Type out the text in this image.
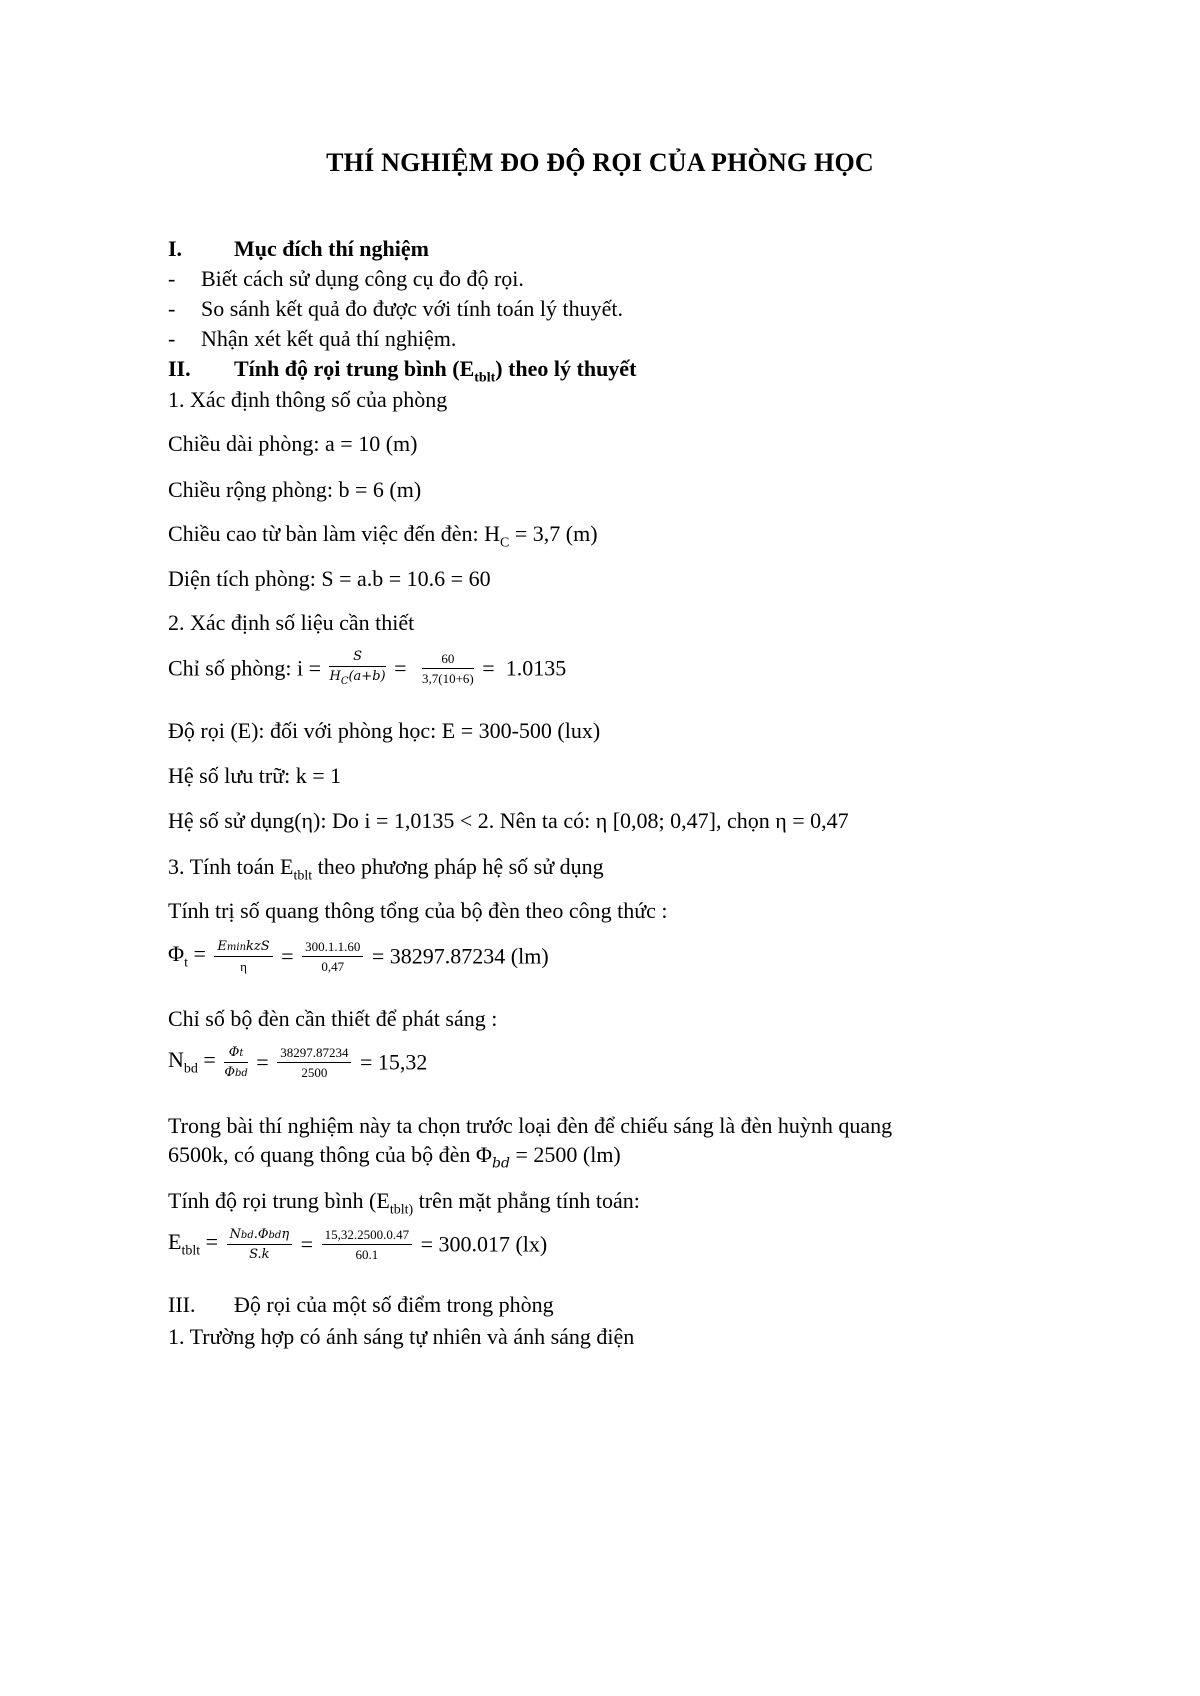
THÍ NGHIỆM ĐO ĐỘ RỌI CỦA PHÒNG HỌC
I. Mục đích thí nghiệm
- Biết cách sử dụng công cụ đo độ rọi.
- So sánh kết quả đo được với tính toán lý thuyết.
- Nhận xét kết quả thí nghiệm.
II. Tính độ rọi trung bình $(E_{tblt})$ theo lý thuyết
1. Xác định thông số của phòng
Chiều dài phòng: a = 10 (m)
Chiều rộng phòng: b = 6 (m)
Chiều cao từ bàn làm việc đến đèn: $H_C = 3,7$ (m)
Diện tích phòng: S = a.b = 10.6 = 60
2. Xác định số liệu cần thiết
Chỉ số phòng: $i = \frac{S}{H_C(a+b)} = \frac{60}{3,7(10+6)} = 1.0135$
Độ rọi (E): đối với phòng học: E = 300-500 (lux)
Hệ số lưu trữ: k = 1
Hệ số sử dụng(η): Do i = 1,0135 < 2. Nên ta có: η [0,08; 0,47], chọn η = 0,47
3. Tính toán $E_{tblt}$ theo phương pháp hệ số sử dụng
Tính trị số quang thông tổng của bộ đèn theo công thức :
$\Phi_t = \frac{\text{EminkzS}}{\eta} = \frac{300.1.1.60}{0,47} = 38297.87234$ (lm)
Chỉ số bộ đèn cần thiết để phát sáng :
$N_{bd} = \frac{\Phi t}{\text{Φbd}} = \frac{38297.87234}{2500} = 15,32$
Trong bài thí nghiệm này ta chọn trước loại đèn để chiếu sáng là đèn huỳnh quang
6500k, có quang thông của bộ đèn $\Phi_{bd} = 2500$ (lm)
Tính độ rọi trung bình ($E_{tblt)}$ trên mặt phẳng tính toán:
$E_{tblt} = \frac{\text{Nbd.Φbdη}}{S.k} = \frac{15,32.2500.0.47}{60.1} = 300.017$ (lx)
III. Độ rọi của một số điểm trong phòng
1. Trường hợp có ánh sáng tự nhiên và ánh sáng điện
